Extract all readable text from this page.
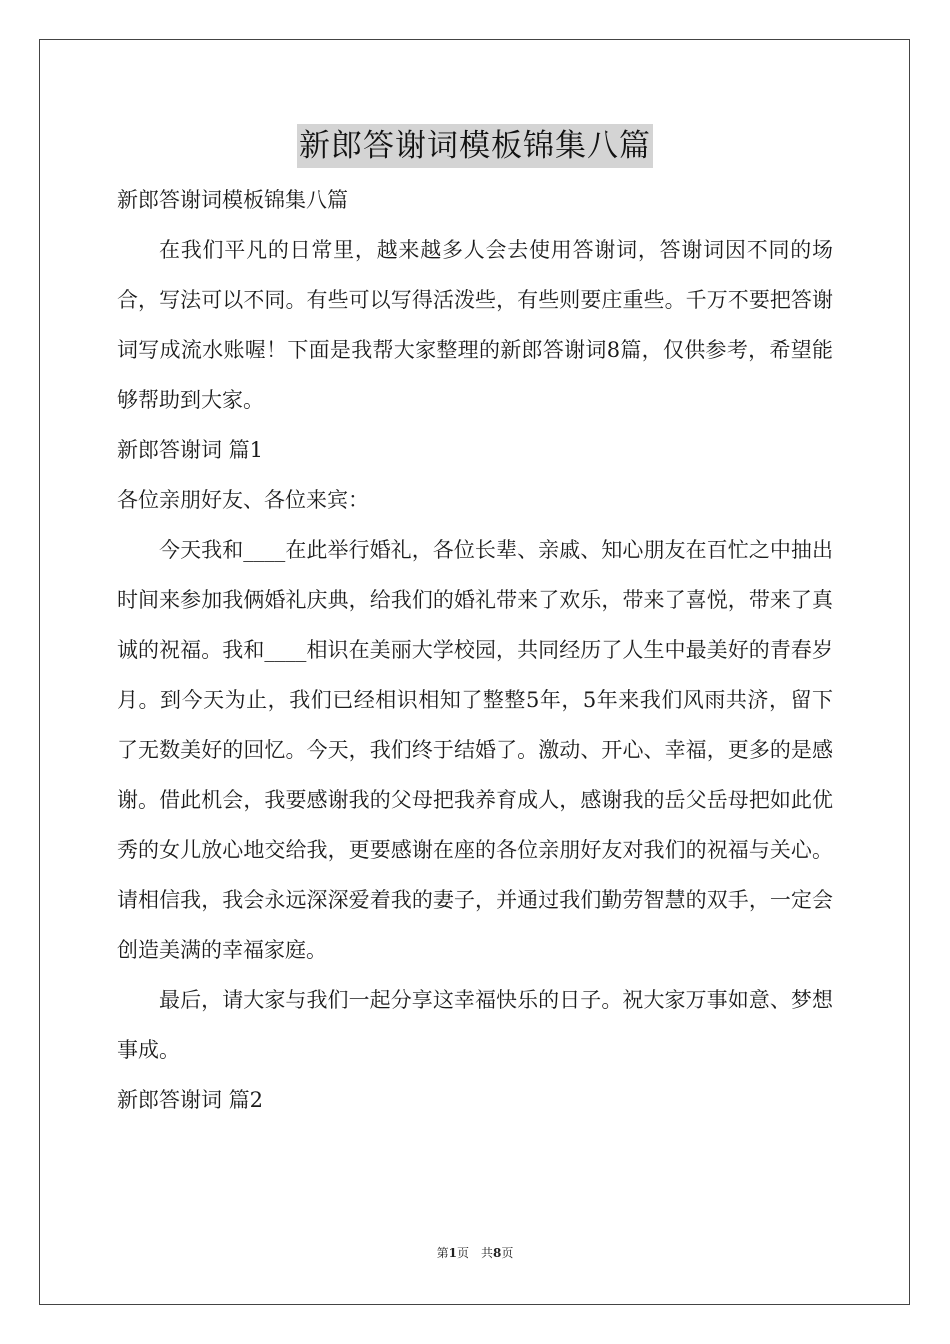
新郎答谢词模板锦集八篇

新郎答谢词模板锦集八篇

在我们平凡的日常里，越来越多人会去使用答谢词，答谢词因不同的场合，写法可以不同。有些可以写得活泼些，有些则要庄重些。千万不要把答谢词写成流水账喔！下面是我帮大家整理的新郎答谢词8篇，仅供参考，希望能够帮助到大家。

新郎答谢词 篇1

各位亲朋好友、各位来宾：

今天我和____在此举行婚礼，各位长辈、亲戚、知心朋友在百忙之中抽出时间来参加我俩婚礼庆典，给我们的婚礼带来了欢乐，带来了喜悦，带来了真诚的祝福。我和____相识在美丽大学校园，共同经历了人生中最美好的青春岁月。到今天为止，我们已经相识相知了整整5年，5年来我们风雨共济，留下了无数美好的回忆。今天，我们终于结婚了。激动、开心、幸福，更多的是感谢。借此机会，我要感谢我的父母把我养育成人，感谢我的岳父岳母把如此优秀的女儿放心地交给我，更要感谢在座的各位亲朋好友对我们的祝福与关心。请相信我，我会永远深深爱着我的妻子，并通过我们勤劳智慧的双手，一定会创造美满的幸福家庭。

最后，请大家与我们一起分享这幸福快乐的日子。祝大家万事如意、梦想事成。

新郎答谢词 篇2

第1页　共8页
